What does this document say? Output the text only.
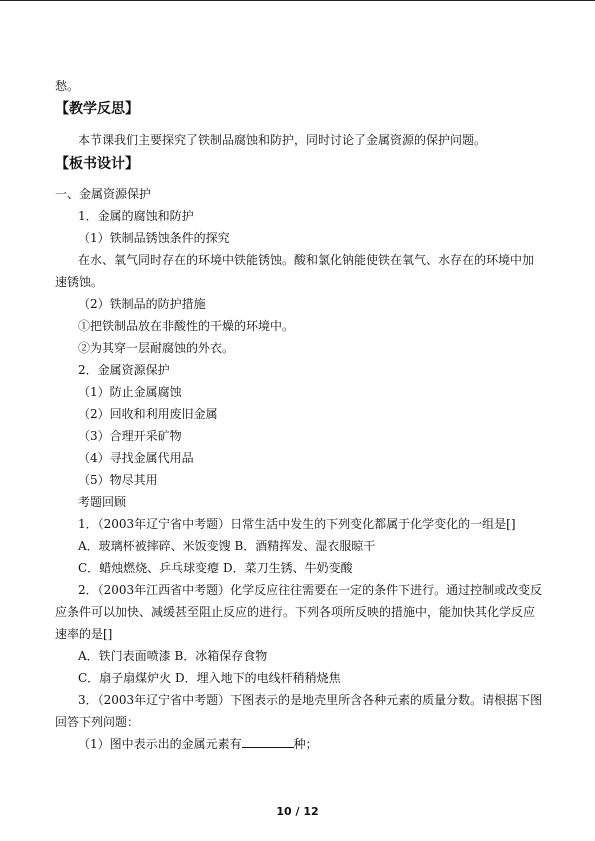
愁。
【教学反思】
本节课我们主要探究了铁制品腐蚀和防护，同时讨论了金属资源的保护问题。
【板书设计】
一、金属资源保护
1．金属的腐蚀和防护
（1）铁制品锈蚀条件的探究
在水、氧气同时存在的环境中铁能锈蚀。酸和氯化钠能使铁在氧气、水存在的环境中加
速锈蚀。
（2）铁制品的防护措施
①把铁制品放在非酸性的干燥的环境中。
②为其穿一层耐腐蚀的外衣。
2．金属资源保护
（1）防止金属腐蚀
（2）回收和利用废旧金属
（3）合理开采矿物
（4）寻找金属代用品
（5）物尽其用
考题回顾
1．（2003年辽宁省中考题）日常生活中发生的下列变化都属于化学变化的一组是[]
A．玻璃杯被摔碎、米饭变馊 B．酒精挥发、湿衣服晾干
C．蜡烛燃烧、乒乓球变瘪 D．菜刀生锈、牛奶变酸
2．（2003年江西省中考题）化学反应往往需要在一定的条件下进行。通过控制或改变反
应条件可以加快、减缓甚至阻止反应的进行。下列各项所反映的措施中，能加快其化学反应
速率的是[]
A．铁门表面喷漆 B．冰箱保存食物
C．扇子扇煤炉火 D．埋入地下的电线杆稍稍烧焦
3．（2003年辽宁省中考题）下图表示的是地壳里所含各种元素的质量分数。请根据下图
回答下列问题：
（1）图中表示出的金属元素有	种；
10 / 12
